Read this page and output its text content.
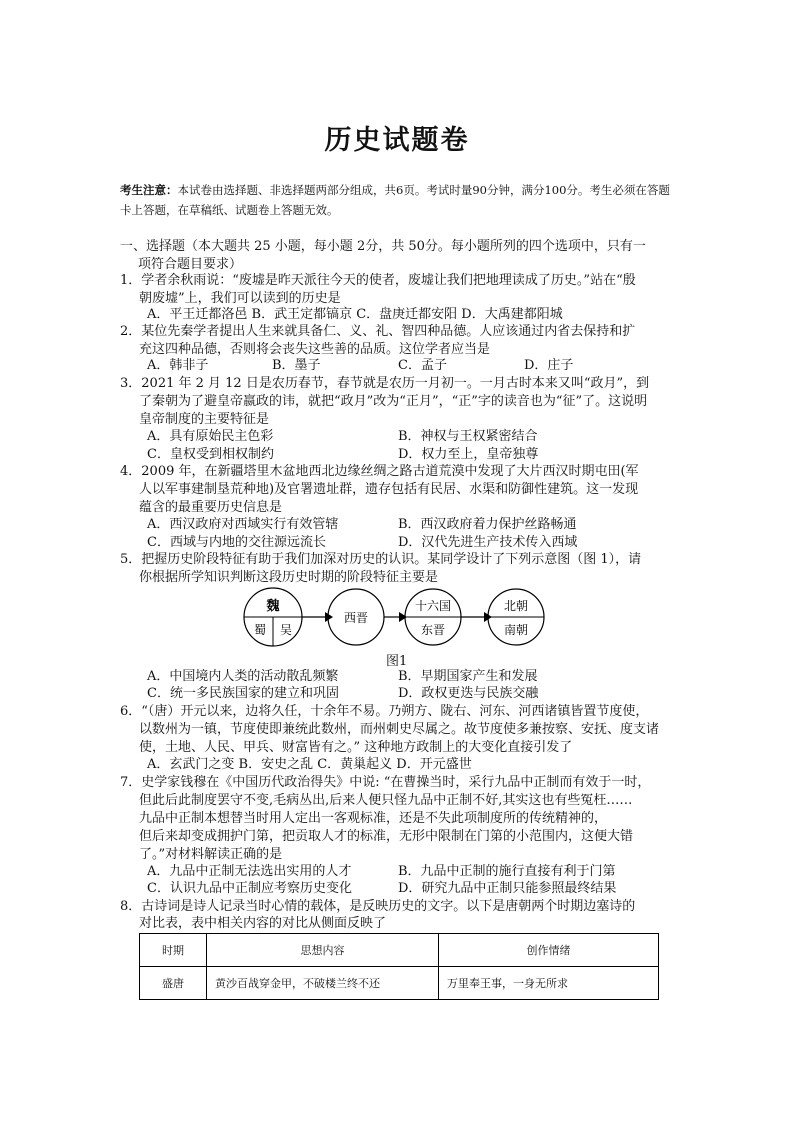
历史试题卷
考生注意：本试卷由选择题、非选择题两部分组成，共6页。考试时量90分钟，满分100分。考生必须在答题卡上答题，在草稿纸、试题卷上答题无效。
一、选择题（本大题共 25 小题，每小题 2分，共 50分。每小题所列的四个选项中，只有一
项符合题目要求）
1．学者余秋雨说：“废墟是昨天派往今天的使者，废墟让我们把地理读成了历史。”站在“殷
朝废墟”上，我们可以读到的历史是
A．平王迁都洛邑 B．武王定都镐京 C．盘庚迁都安阳 D．大禹建都阳城
2．某位先秦学者提出人生来就具备仁、义、礼、智四种品德。人应该通过内省去保持和扩
充这四种品德，否则将会丧失这些善的品质。这位学者应当是
A．韩非子	B．墨子	C．孟子	D．庄子
3．2021 年 2 月 12 日是农历春节，春节就是农历一月初一。一月古时本来又叫“政月”，到
了秦朝为了避皇帝嬴政的讳，就把“政月”改为“正月”，“正”字的读音也为“征”了。这说明
皇帝制度的主要特征是
A．具有原始民主色彩	B．神权与王权紧密结合
C．皇权受到相权制约	D．权力至上，皇帝独尊
4．2009 年，在新疆塔里木盆地西北边缘丝绸之路古道荒漠中发现了大片西汉时期屯田(军
人以军事建制垦荒种地)及官署遗址群，遗存包括有民居、水渠和防御性建筑。这一发现
蕴含的最重要历史信息是
A．西汉政府对西域实行有效管辖	B．西汉政府着力保护丝路畅通
C．西域与内地的交往源远流长	D．汉代先进生产技术传入西域
5．把握历史阶段特征有助于我们加深对历史的认识。某同学设计了下列示意图（图 1），请
你根据所学知识判断这段历史时期的阶段特征主要是
魏
蜀 吴
西晋
十六国
东晋
北朝
南朝
图1
A．中国境内人类的活动散乱频繁	B．早期国家产生和发展
C．统一多民族国家的建立和巩固	D．政权更迭与民族交融
6．“（唐）开元以来，边将久任，十余年不易。乃朔方、陇右、河东、河西诸镇皆置节度使，
以数州为一镇，节度使即兼统此数州，而州刺史尽属之。故节度使多兼按察、安抚、度支诸
使，土地、人民、甲兵、财富皆有之。” 这种地方政制上的大变化直接引发了
A．玄武门之变 B．安史之乱 C．黄巢起义 D．开元盛世
7．史学家钱穆在《中国历代政治得失》中说: “在曹操当时，采行九品中正制而有效于一时，
但此后此制度罢守不变,毛病丛出,后来人便只怪九品中正制不好,其实这也有些冤枉……
九品中正制本想替当时用人定出一客观标准，还是不失此项制度所的传统精神的，
但后来却变成拥护门第，把贡取人才的标准，无形中限制在门第的小范围内，这便大错
了。”对材料解读正确的是
A．九品中正制无法选出实用的人才	B．九品中正制的施行直接有利于门第
C．认识九品中正制应考察历史变化	D．研究九品中正制只能参照最终结果
8．古诗词是诗人记录当时心情的载体，是反映历史的文字。以下是唐朝两个时期边塞诗的
对比表，表中相关内容的对比从侧面反映了
时期	思想内容	创作情绪
盛唐	黄沙百战穿金甲，不破楼兰终不还	万里奉王事，一身无所求
